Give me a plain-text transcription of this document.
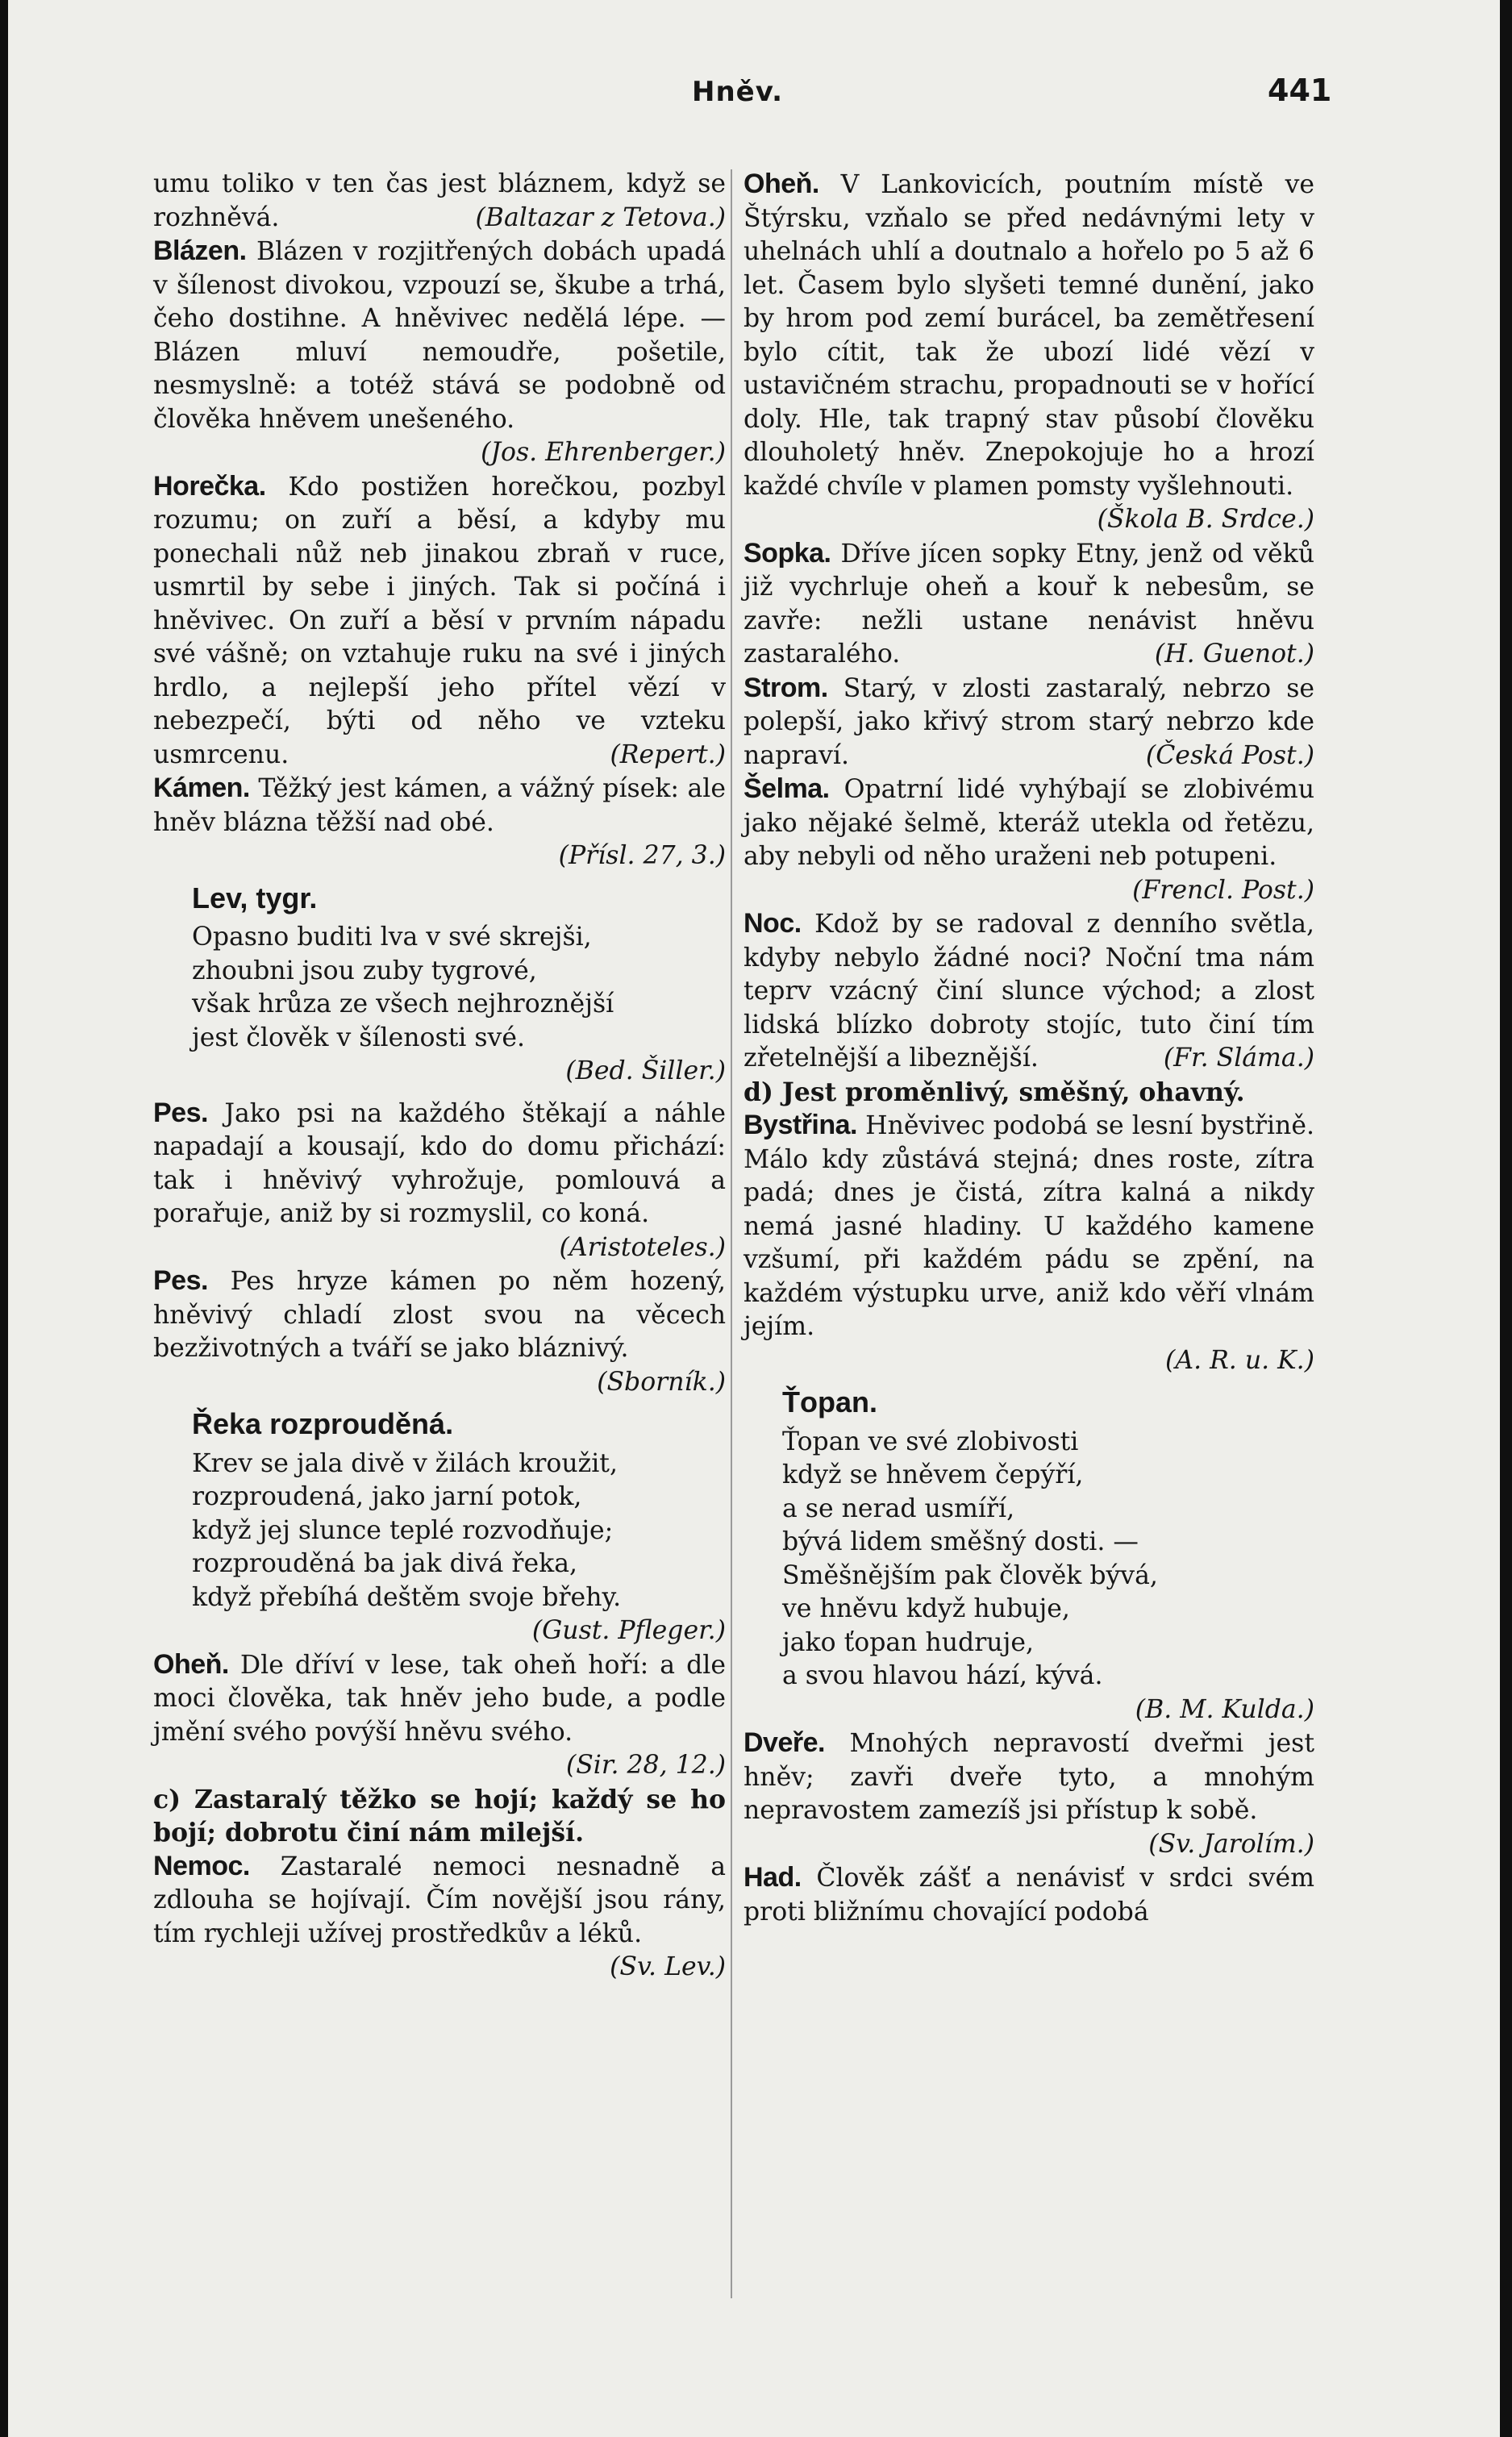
Hněv.	441

umu toliko v ten čas jest bláznem, když se rozhněvá.	(Baltazar z Tetova.)

Blázen. Blázen v rozjitřených dobách upadá v šílenost divokou, vzpouzí se, škube a trhá, čeho dostihne. A hněvivec nedělá lépe. — Blázen mluví nemoudře, pošetile, nesmyslně: a totéž stává se podobně od člověka hněvem unešeného.
(Jos. Ehrenberger.)

Horečka. Kdo postižen horečkou, pozbyl rozumu; on zuří a běsí, a kdyby mu ponechali nůž neb jinakou zbraň v ruce, usmrtil by sebe i jiných. Tak si počíná i hněvivec. On zuří a běsí v prvním nápadu své vášně; on vztahuje ruku na své i jiných hrdlo, a nejlepší jeho přítel vězí v nebezpečí, býti od něho ve vzteku usmrcenu.	(Repert.)

Kámen. Těžký jest kámen, a vážný písek: ale hněv blázna těžší nad obé.
(Přísl. 27, 3.)

Lev, tygr.
Opasno buditi lva v své skrejši,
zhoubni jsou zuby tygrové,
však hrůza ze všech nejhroznější
jest člověk v šílenosti své.
(Bed. Šiller.)

Pes. Jako psi na každého štěkají a náhle napadají a kousají, kdo do domu přichází: tak i hněvivý vyhrožuje, pomlouvá a porařuje, aniž by si rozmyslil, co koná.
(Aristoteles.)

Pes. Pes hryze kámen po něm hozený, hněvivý chladí zlost svou na věcech bezživotných a tváří se jako bláznivý.
(Sborník.)

Řeka rozprouděná.
Krev se jala divě v žilách kroužit,
rozproudená, jako jarní potok,
když jej slunce teplé rozvodňuje;
rozprouděná ba jak divá řeka,
když přebíhá deštěm svoje břehy.
(Gust. Pfleger.)

Oheň. Dle dříví v lese, tak oheň hoří: a dle moci člověka, tak hněv jeho bude, a podle jmění svého povýší hněvu svého.
(Sir. 28, 12.)

c) Zastaralý těžko se hojí; každý se ho bojí; dobrotu činí nám milejší.

Nemoc. Zastaralé nemoci nesnadně a zdlouha se hojívají. Čím novější jsou rány, tím rychleji užívej prostředkův a léků.
(Sv. Lev.)

Oheň. V Lankovicích, poutním místě ve Štýrsku, vzňalo se před nedávnými lety v uhelnách uhlí a doutnalo a hořelo po 5 až 6 let. Časem bylo slyšeti temné dunění, jako by hrom pod zemí burácel, ba zemětřesení bylo cítit, tak že ubozí lidé vězí v ustavičném strachu, propadnouti se v hořící doly. Hle, tak trapný stav působí člověku dlouholetý hněv. Znepokojuje ho a hrozí každé chvíle v plamen pomsty vyšlehnouti.
(Škola B. Srdce.)

Sopka. Dříve jícen sopky Etny, jenž od věků již vychrluje oheň a kouř k nebesům, se zavře: nežli ustane nenávist hněvu zastaralého.	(H. Guenot.)

Strom. Starý, v zlosti zastaralý, nebrzo se polepší, jako křivý strom starý nebrzo kde napraví.	(Česká Post.)

Šelma. Opatrní lidé vyhýbají se zlobivému jako nějaké šelmě, kteráž utekla od řetězu, aby nebyli od něho uraženi neb potupeni.
(Frencl. Post.)

Noc. Kdož by se radoval z denního světla, kdyby nebylo žádné noci? Noční tma nám teprv vzácný činí slunce východ; a zlost lidská blízko dobroty stojíc, tuto činí tím zřetelnější a libeznější.	(Fr. Sláma.)

d) Jest proměnlivý, směšný, ohavný.

Bystřina. Hněvivec podobá se lesní bystřině. Málo kdy zůstává stejná; dnes roste, zítra padá; dnes je čistá, zítra kalná a nikdy nemá jasné hladiny. U každého kamene vzšumí, při každém pádu se zpění, na každém výstupku urve, aniž kdo věří vlnám jejím.
(A. R. u. K.)

Ťopan.
Ťopan ve své zlobivosti
když se hněvem čepýří,
a se nerad usmíří,
bývá lidem směšný dosti. —
Směšnějším pak člověk bývá,
ve hněvu když hubuje,
jako ťopan hudruje,
a svou hlavou hází, kývá.
(B. M. Kulda.)

Dveře. Mnohých nepravostí dveřmi jest hněv; zavři dveře tyto, a mnohým nepravostem zamezíš jsi přístup k sobě.
(Sv. Jarolím.)

Had. Člověk zášť a nenávisť v srdci svém proti bližnímu chovající podobá
